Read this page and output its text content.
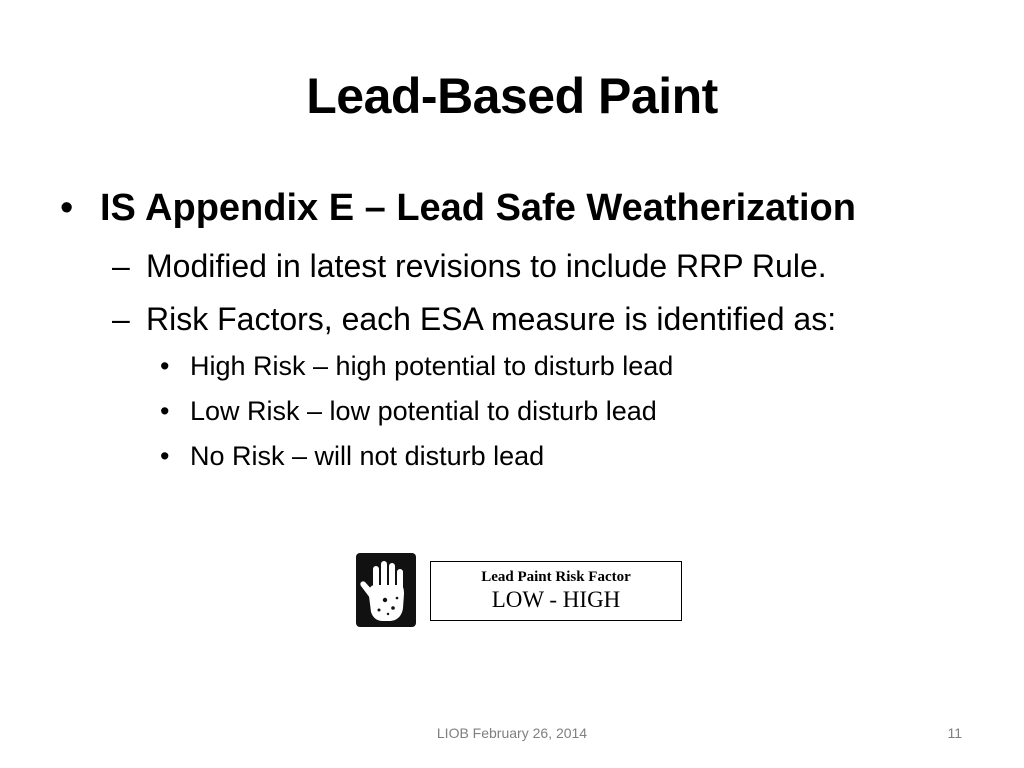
Lead-Based Paint
• IS Appendix E – Lead Safe Weatherization
– Modified in latest revisions to include RRP Rule.
– Risk Factors, each ESA measure is identified as:
• High Risk – high potential to disturb lead
• Low Risk – low potential to disturb lead
• No Risk – will not disturb lead
Lead Paint Risk Factor
LOW - HIGH
LIOB February 26, 2014	11
